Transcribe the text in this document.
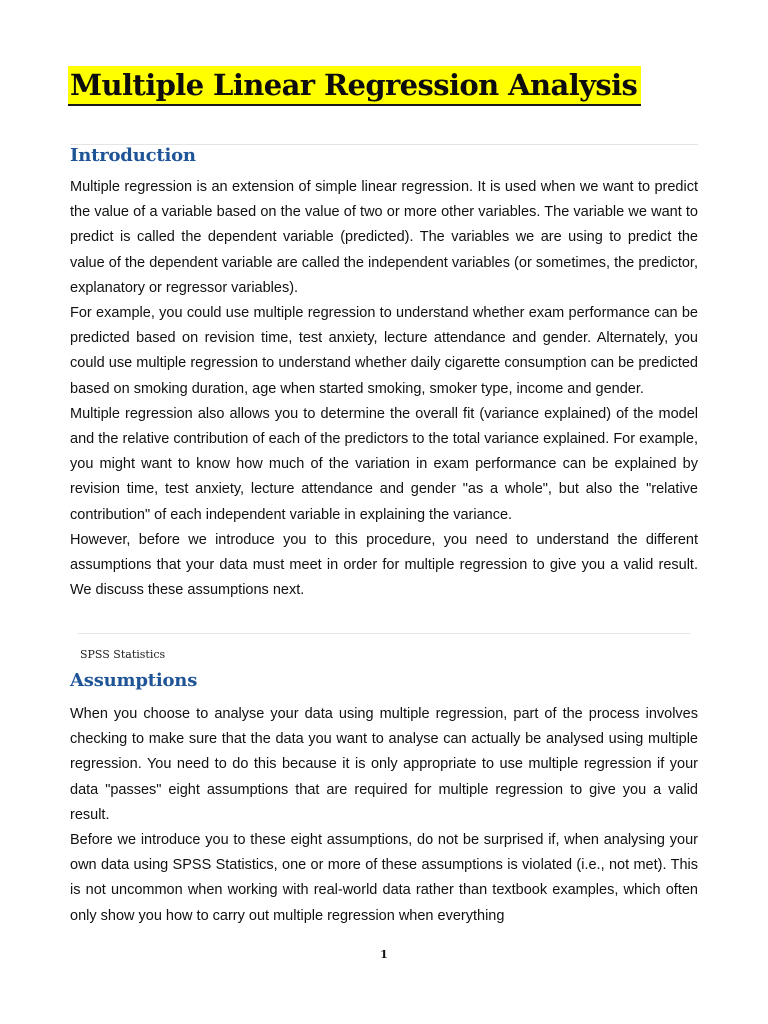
Multiple Linear Regression Analysis
Introduction

Multiple regression is an extension of simple linear regression. It is used when we want to predict the value of a variable based on the value of two or more other variables. The variable we want to predict is called the dependent variable (predicted). The variables we are using to predict the value of the dependent variable are called the independent variables (or sometimes, the predictor, explanatory or regressor variables).

For example, you could use multiple regression to understand whether exam performance can be predicted based on revision time, test anxiety, lecture attendance and gender. Alternately, you could use multiple regression to understand whether daily cigarette consumption can be predicted based on smoking duration, age when started smoking, smoker type, income and gender.

Multiple regression also allows you to determine the overall fit (variance explained) of the model and the relative contribution of each of the predictors to the total variance explained. For example, you might want to know how much of the variation in exam performance can be explained by revision time, test anxiety, lecture attendance and gender "as a whole", but also the "relative contribution" of each independent variable in explaining the variance.

However, before we introduce you to this procedure, you need to understand the different assumptions that your data must meet in order for multiple regression to give you a valid result. We discuss these assumptions next.

SPSS Statistics
Assumptions

When you choose to analyse your data using multiple regression, part of the process involves checking to make sure that the data you want to analyse can actually be analysed using multiple regression. You need to do this because it is only appropriate to use multiple regression if your data "passes" eight assumptions that are required for multiple regression to give you a valid result.

Before we introduce you to these eight assumptions, do not be surprised if, when analysing your own data using SPSS Statistics, one or more of these assumptions is violated (i.e., not met). This is not uncommon when working with real-world data rather than textbook examples, which often only show you how to carry out multiple regression when everything

1
